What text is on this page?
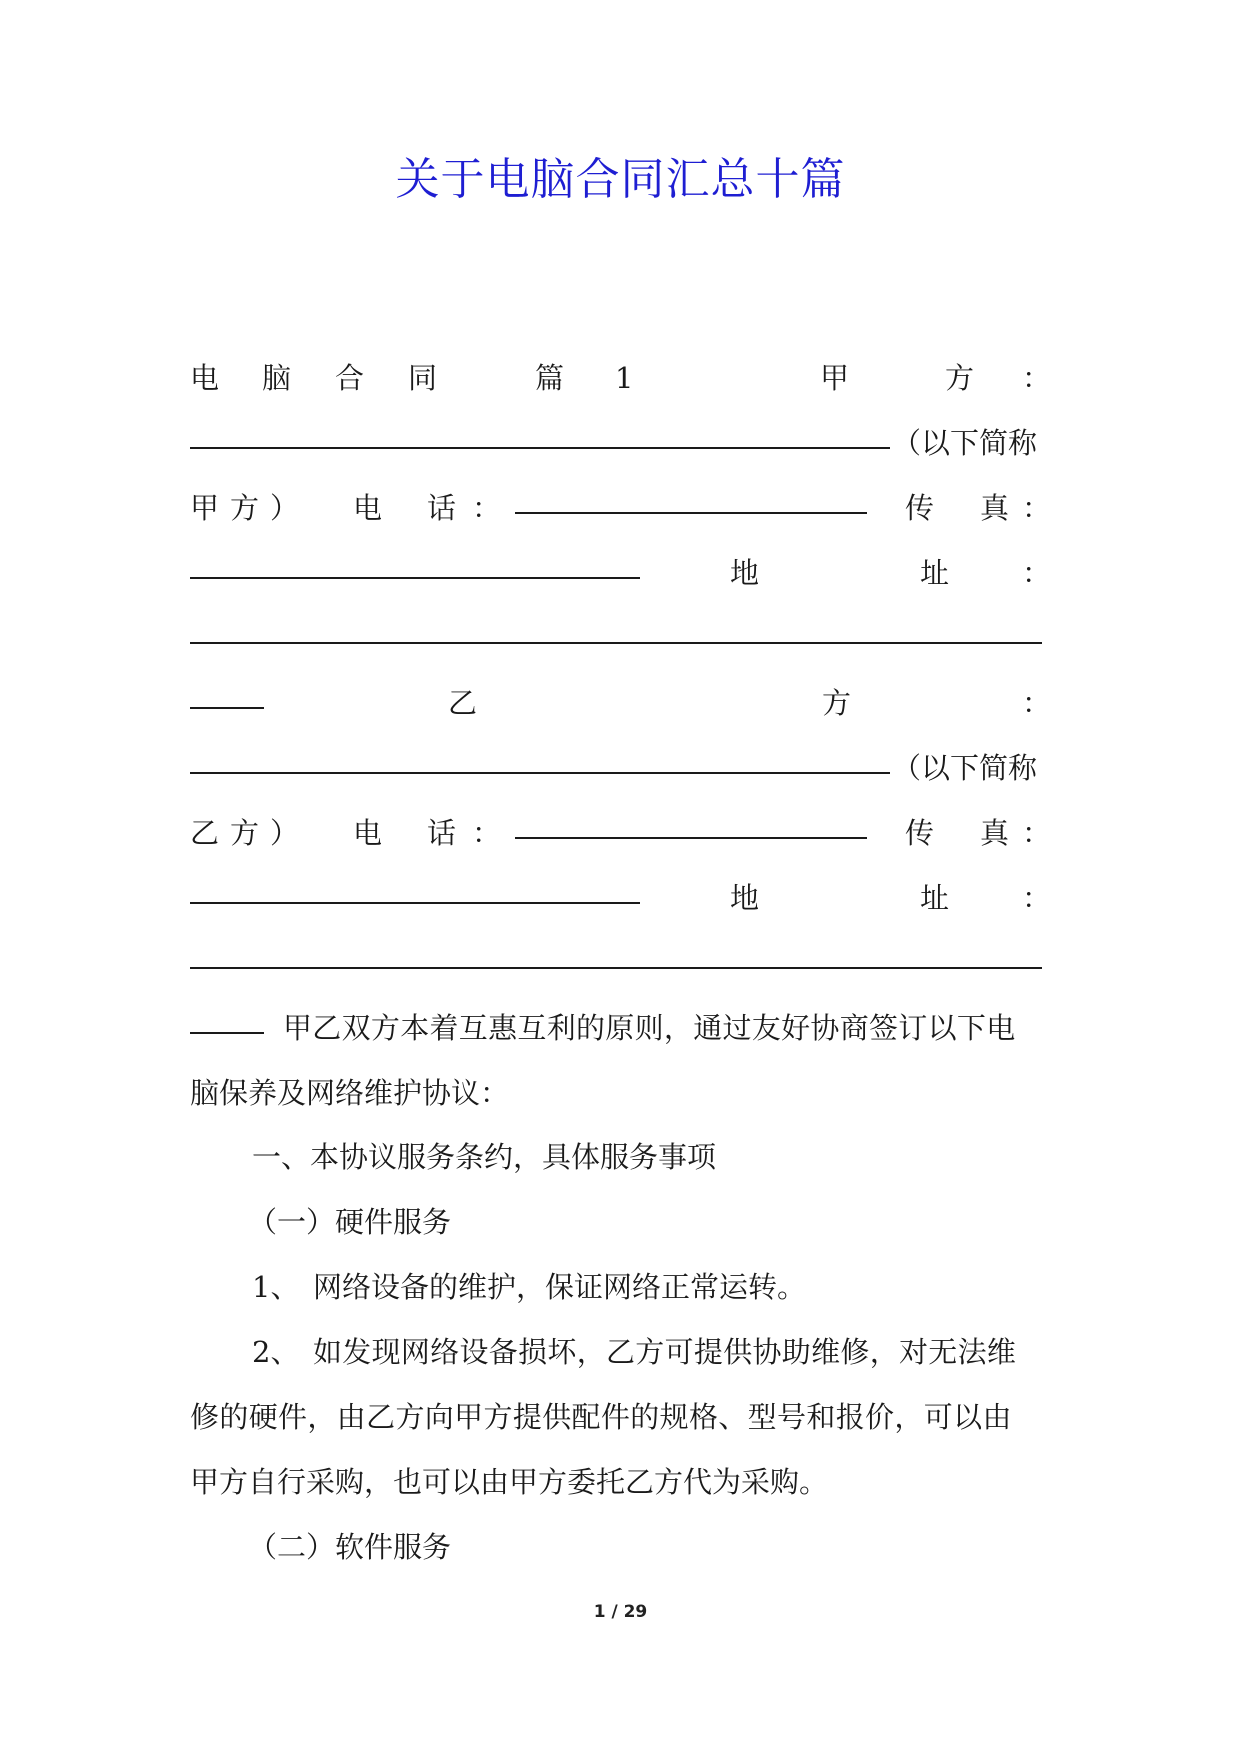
关于电脑合同汇总十篇
电 脑 合 同	篇 1	甲	方 ：
（以下简称
甲 方 ） 电 话 ：	传 真 ：
地	址	：
乙	方	：
（以下简称
乙 方 ） 电 话 ：	传 真 ：
地	址	：
甲乙双方本着互惠互利的原则，通过友好协商签订以下电
脑保养及网络维护协议：
一、本协议服务条约，具体服务事项
（一）硬件服务
1、 网络设备的维护，保证网络正常运转。
2、 如发现网络设备损坏，乙方可提供协助维修，对无法维
修的硬件，由乙方向甲方提供配件的规格、型号和报价，可以由
甲方自行采购，也可以由甲方委托乙方代为采购。
（二）软件服务
1 / 29
